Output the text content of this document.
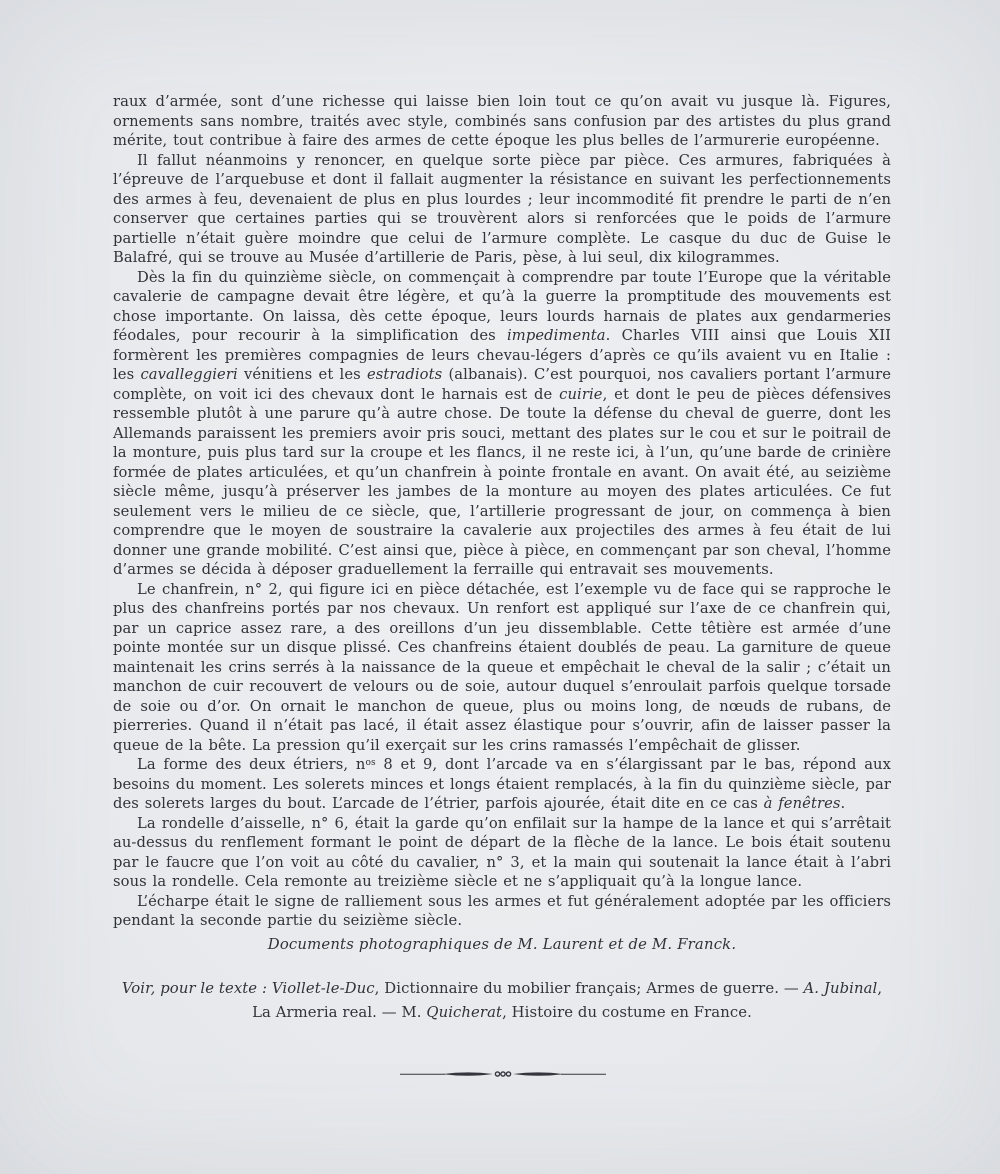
raux d’armée, sont d’une richesse qui laisse bien loin tout ce qu’on avait vu jusque là. Figures, ornements sans nombre, traités avec style, combinés sans confusion par des artistes du plus grand mérite, tout contribue à faire des armes de cette époque les plus belles de l’armurerie européenne.

Il fallut néanmoins y renoncer, en quelque sorte pièce par pièce. Ces armures, fabriquées à l’épreuve de l’arquebuse et dont il fallait augmenter la résistance en suivant les perfectionnements des armes à feu, devenaient de plus en plus lourdes ; leur incommodité fit prendre le parti de n’en conserver que certaines parties qui se trouvèrent alors si renforcées que le poids de l’armure partielle n’était guère moindre que celui de l’armure complète. Le casque du duc de Guise le Balafré, qui se trouve au Musée d’artillerie de Paris, pèse, à lui seul, dix kilogrammes.

Dès la fin du quinzième siècle, on commençait à comprendre par toute l’Europe que la véritable cavalerie de campagne devait être légère, et qu’à la guerre la promptitude des mouvements est chose importante. On laissa, dès cette époque, leurs lourds harnais de plates aux gendarmeries féodales, pour recourir à la simplification des impedimenta. Charles VIII ainsi que Louis XII formèrent les premières compagnies de leurs chevau-légers d’après ce qu’ils avaient vu en Italie : les cavalleggieri vénitiens et les estradiots (albanais). C’est pourquoi, nos cavaliers portant l’armure complète, on voit ici des chevaux dont le harnais est de cuirie, et dont le peu de pièces défensives ressemble plutôt à une parure qu’à autre chose. De toute la défense du cheval de guerre, dont les Allemands paraissent les premiers avoir pris souci, mettant des plates sur le cou et sur le poitrail de la monture, puis plus tard sur la croupe et les flancs, il ne reste ici, à l’un, qu’une barde de crinière formée de plates articulées, et qu’un chanfrein à pointe frontale en avant. On avait été, au seizième siècle même, jusqu’à préserver les jambes de la monture au moyen des plates articulées. Ce fut seulement vers le milieu de ce siècle, que, l’artillerie progressant de jour, on commença à bien comprendre que le moyen de soustraire la cavalerie aux projectiles des armes à feu était de lui donner une grande mobilité. C’est ainsi que, pièce à pièce, en commençant par son cheval, l’homme d’armes se décida à déposer graduellement la ferraille qui entravait ses mouvements.

Le chanfrein, n° 2, qui figure ici en pièce détachée, est l’exemple vu de face qui se rapproche le plus des chanfreins portés par nos chevaux. Un renfort est appliqué sur l’axe de ce chanfrein qui, par un caprice assez rare, a des oreillons d’un jeu dissemblable. Cette têtière est armée d’une pointe montée sur un disque plissé. Ces chanfreins étaient doublés de peau. La garniture de queue maintenait les crins serrés à la naissance de la queue et empêchait le cheval de la salir ; c’était un manchon de cuir recouvert de velours ou de soie, autour duquel s’enroulait parfois quelque torsade de soie ou d’or. On ornait le manchon de queue, plus ou moins long, de nœuds de rubans, de pierreries. Quand il n’était pas lacé, il était assez élastique pour s’ouvrir, afin de laisser passer la queue de la bête. La pression qu’il exerçait sur les crins ramassés l’empêchait de glisser.

La forme des deux étriers, $n^{os}$ 8 et 9, dont l’arcade va en s’élargissant par le bas, répond aux besoins du moment. Les solerets minces et longs étaient remplacés, à la fin du quinzième siècle, par des solerets larges du bout. L’arcade de l’étrier, parfois ajourée, était dite en ce cas à fenêtres.

La rondelle d’aisselle, n° 6, était la garde qu’on enfilait sur la hampe de la lance et qui s’arrêtait au-dessus du renflement formant le point de départ de la flèche de la lance. Le bois était soutenu par le faucre que l’on voit au côté du cavalier, n° 3, et la main qui soutenait la lance était à l’abri sous la rondelle. Cela remonte au treizième siècle et ne s’appliquait qu’à la longue lance.

L’écharpe était le signe de ralliement sous les armes et fut généralement adoptée par les officiers pendant la seconde partie du seizième siècle.

Documents photographiques de M. Laurent et de M. Franck.
Voir, pour le texte : Viollet-le-Duc, Dictionnaire du mobilier français; Armes de guerre. — A. Jubinal,
La Armeria real. — M. Quicherat, Histoire du costume en France.
